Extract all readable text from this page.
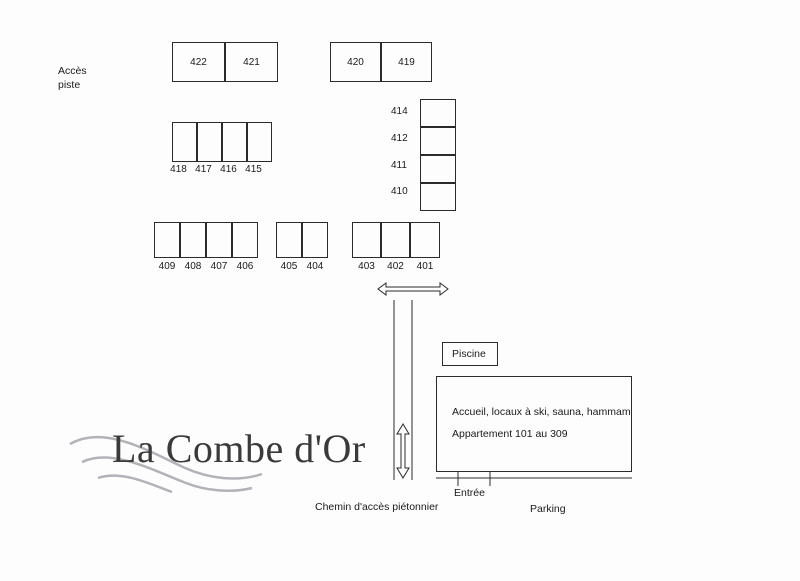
Accès
piste
422	421	420	419
418 417 416 415
414
412
411
410
409 408 407 406	405 404	403	402	401
Piscine
Accueil, locaux à ski, sauna, hammam
Appartement 101 au 309
Entrée
Parking
Chemin d'accès piétonnier
La Combe d'Or
